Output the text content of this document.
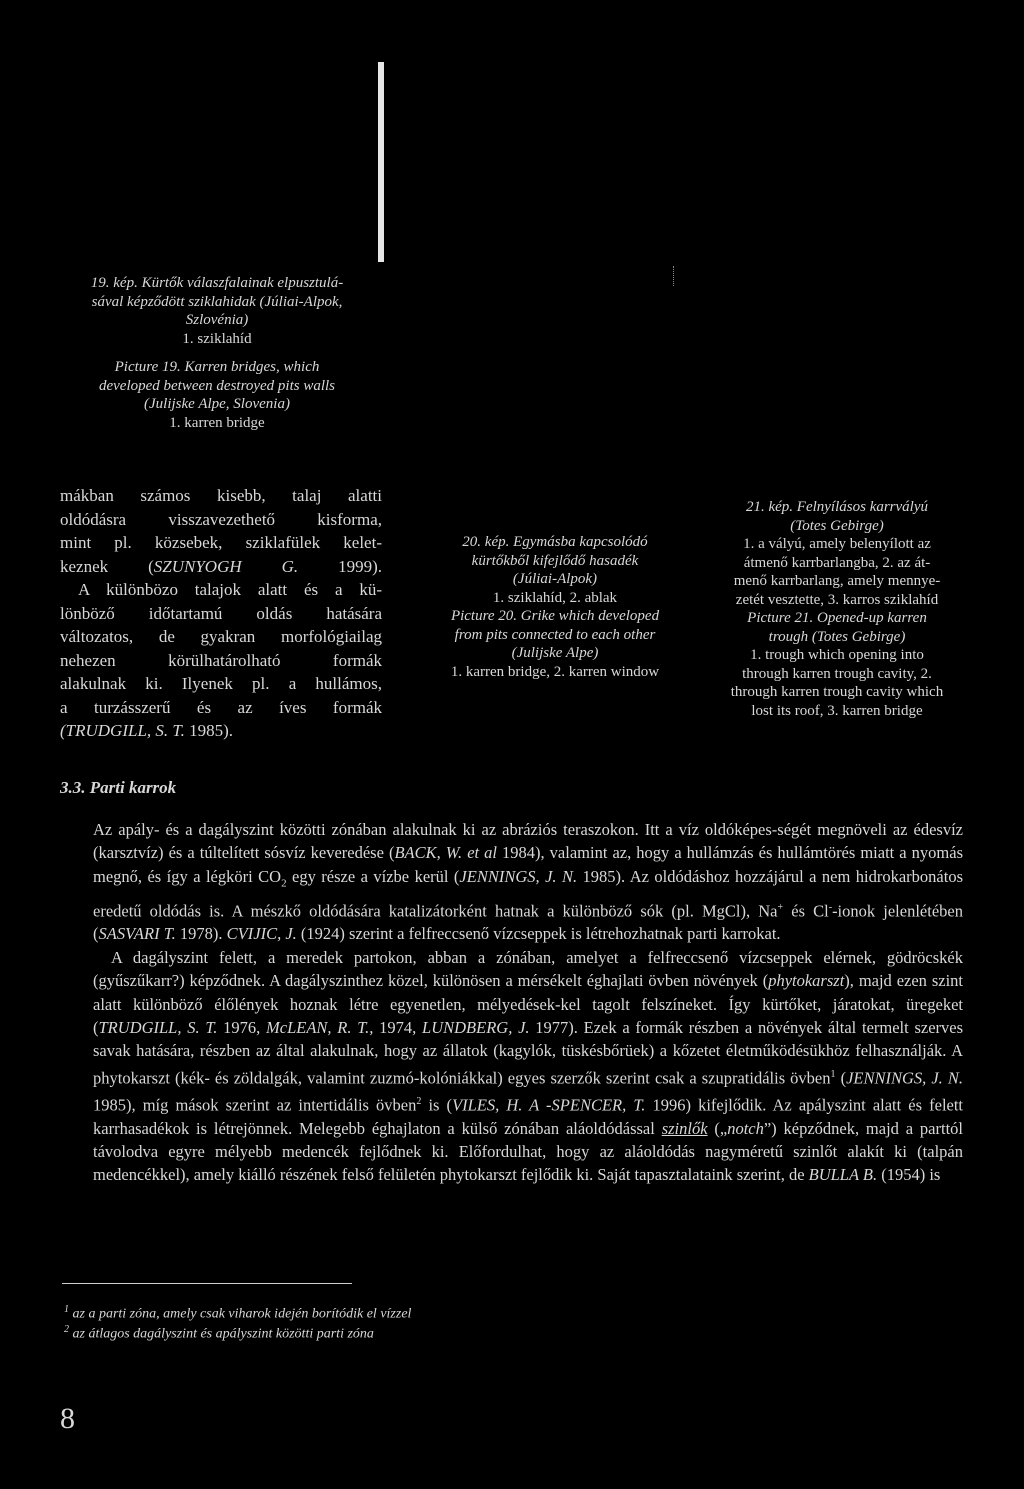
19. kép. Kürtők válaszfalainak elpusztulá-
sával képződött sziklahidak (Júliai-Alpok,
Szlovénia)
1. sziklahíd
Picture 19. Karren bridges, which
developed between destroyed pits walls
(Julijske Alpe, Slovenia)
1. karren bridge
mákban számos kisebb, talaj alatti
oldódásra visszavezethető kisforma,
mint pl. közsebek, sziklafülek kelet-
keznek (SZUNYOGH G. 1999).
A különbözo talajok alatt és a kü-
lönböző időtartamú oldás hatására
változatos, de gyakran morfológiailag
nehezen körülhatárolható formák
alakulnak ki. Ilyenek pl. a hullámos,
a turzásszerű és az íves formák
(TRUDGILL, S. T. 1985).
20. kép. Egymásba kapcsolódó
kürtőkből kifejlődő hasadék
(Júliai-Alpok)
1. sziklahíd, 2. ablak
Picture 20. Grike which developed
from pits connected to each other
(Julijske Alpe)
1. karren bridge, 2. karren window
21. kép. Felnyílásos karrvályú
(Totes Gebirge)
1. a vályú, amely belenyílott az
átmenő karrbarlangba, 2. az át-
menő karrbarlang, amely mennye-
zetét vesztette, 3. karros sziklahíd
Picture 21. Opened-up karren
trough (Totes Gebirge)
1. trough which opening into
through karren trough cavity, 2.
through karren trough cavity which
lost its roof, 3. karren bridge
3.3. Parti karrok

Az apály- és a dagályszint közötti zónában alakulnak ki az abráziós teraszokon. Itt a víz oldóképes-ségét megnöveli az édesvíz (karsztvíz) és a túltelített sósvíz keveredése (BACK, W. et al 1984), valamint az, hogy a hullámzás és hullámtörés miatt a nyomás megnő, és így a légköri $CO_2$ egy része a vízbe kerül (JENNINGS, J. N. 1985). Az oldódáshoz hozzájárul a nem hidrokarbonátos eredetű oldódás is. A mészkő oldódására katalizátorként hatnak a különböző sók (pl. MgCl), Na+ és Cl--ionok jelenlétében (SASVARI T. 1978). CVIJIC, J. (1924) szerint a felfreccsenő vízcseppek is létrehozhatnak parti karrokat.

A dagályszint felett, a meredek partokon, abban a zónában, amelyet a felfreccsenő vízcseppek elérnek, gödröcskék (gyűszűkarr?) képződnek. A dagályszinthez közel, különösen a mérsékelt éghajlati övben növények (phytokarszt), majd ezen szint alatt különböző élőlények hoznak létre egyenetlen, mélyedések-kel tagolt felszíneket. Így kürtőket, járatokat, üregeket (TRUDGILL, S. T. 1976, McLEAN, R. T., 1974, LUNDBERG, J. 1977). Ezek a formák részben a növények által termelt szerves savak hatására, részben az által alakulnak, hogy az állatok (kagylók, tüskésbőrüek) a kőzetet életműködésükhöz felhasználják. A phytokarszt (kék- és zöldalgák, valamint zuzmó-kolóniákkal) egyes szerzők szerint csak a szupratidális övben$^1$ (JENNINGS, J. N. 1985), míg mások szerint az intertidális övben$^2$ is (VILES, H. A -SPENCER, T. 1996) kifejlődik. Az apályszint alatt és felett karrhasadékok is létrejönnek. Melegebb éghajlaton a külső zónában aláoldódással szinlők („notch”) képződnek, majd a parttól távolodva egyre mélyebb medencék fejlődnek ki. Előfordulhat, hogy az aláoldódás nagyméretű szinlőt alakít ki (talpán medencékkel), amely kiálló részének felső felületén phytokarszt fejlődik ki. Saját tapasztalataink szerint, de BULLA B. (1954) is

$^1$ az a parti zóna, amely csak viharok idején borítódik el vízzel
$^2$ az átlagos dagályszint és apályszint közötti parti zóna
8
